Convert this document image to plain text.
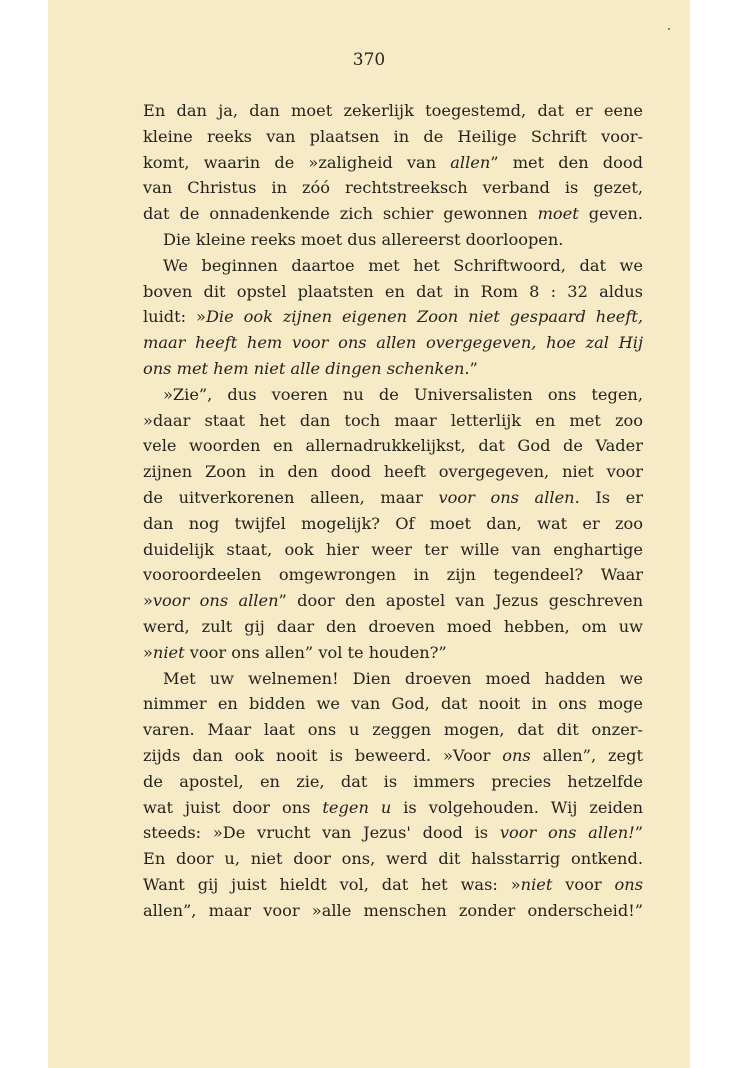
370
En dan ja, dan moet zekerlijk toegestemd, dat er eene
kleine reeks van plaatsen in de Heilige Schrift voor-
komt, waarin de »zaligheid van allen” met den dood
van Christus in zóó rechtstreeksch verband is gezet,
dat de onnadenkende zich schier gewonnen moet geven.
Die kleine reeks moet dus allereerst doorloopen.
We beginnen daartoe met het Schriftwoord, dat we
boven dit opstel plaatsten en dat in Rom 8 : 32 aldus
luidt: »Die ook zijnen eigenen Zoon niet gespaard heeft,
maar heeft hem voor ons allen overgegeven, hoe zal Hij
ons met hem niet alle dingen schenken.”
»Zie”, dus voeren nu de Universalisten ons tegen,
»daar staat het dan toch maar letterlijk en met zoo
vele woorden en allernadrukkelijkst, dat God de Vader
zijnen Zoon in den dood heeft overgegeven, niet voor
de uitverkorenen alleen, maar voor ons allen. Is er
dan nog twijfel mogelijk? Of moet dan, wat er zoo
duidelijk staat, ook hier weer ter wille van enghartige
vooroordeelen omgewrongen in zijn tegendeel? Waar
»voor ons allen” door den apostel van Jezus geschreven
werd, zult gij daar den droeven moed hebben, om uw
»niet voor ons allen” vol te houden?”
Met uw welnemen! Dien droeven moed hadden we
nimmer en bidden we van God, dat nooit in ons moge
varen. Maar laat ons u zeggen mogen, dat dit onzer-
zijds dan ook nooit is beweerd. »Voor ons allen”, zegt
de apostel, en zie, dat is immers precies hetzelfde
wat juist door ons tegen u is volgehouden. Wij zeiden
steeds: »De vrucht van Jezus' dood is voor ons allen!”
En door u, niet door ons, werd dit halsstarrig ontkend.
Want gij juist hieldt vol, dat het was: »niet voor ons
allen”, maar voor »alle menschen zonder onderscheid!”
